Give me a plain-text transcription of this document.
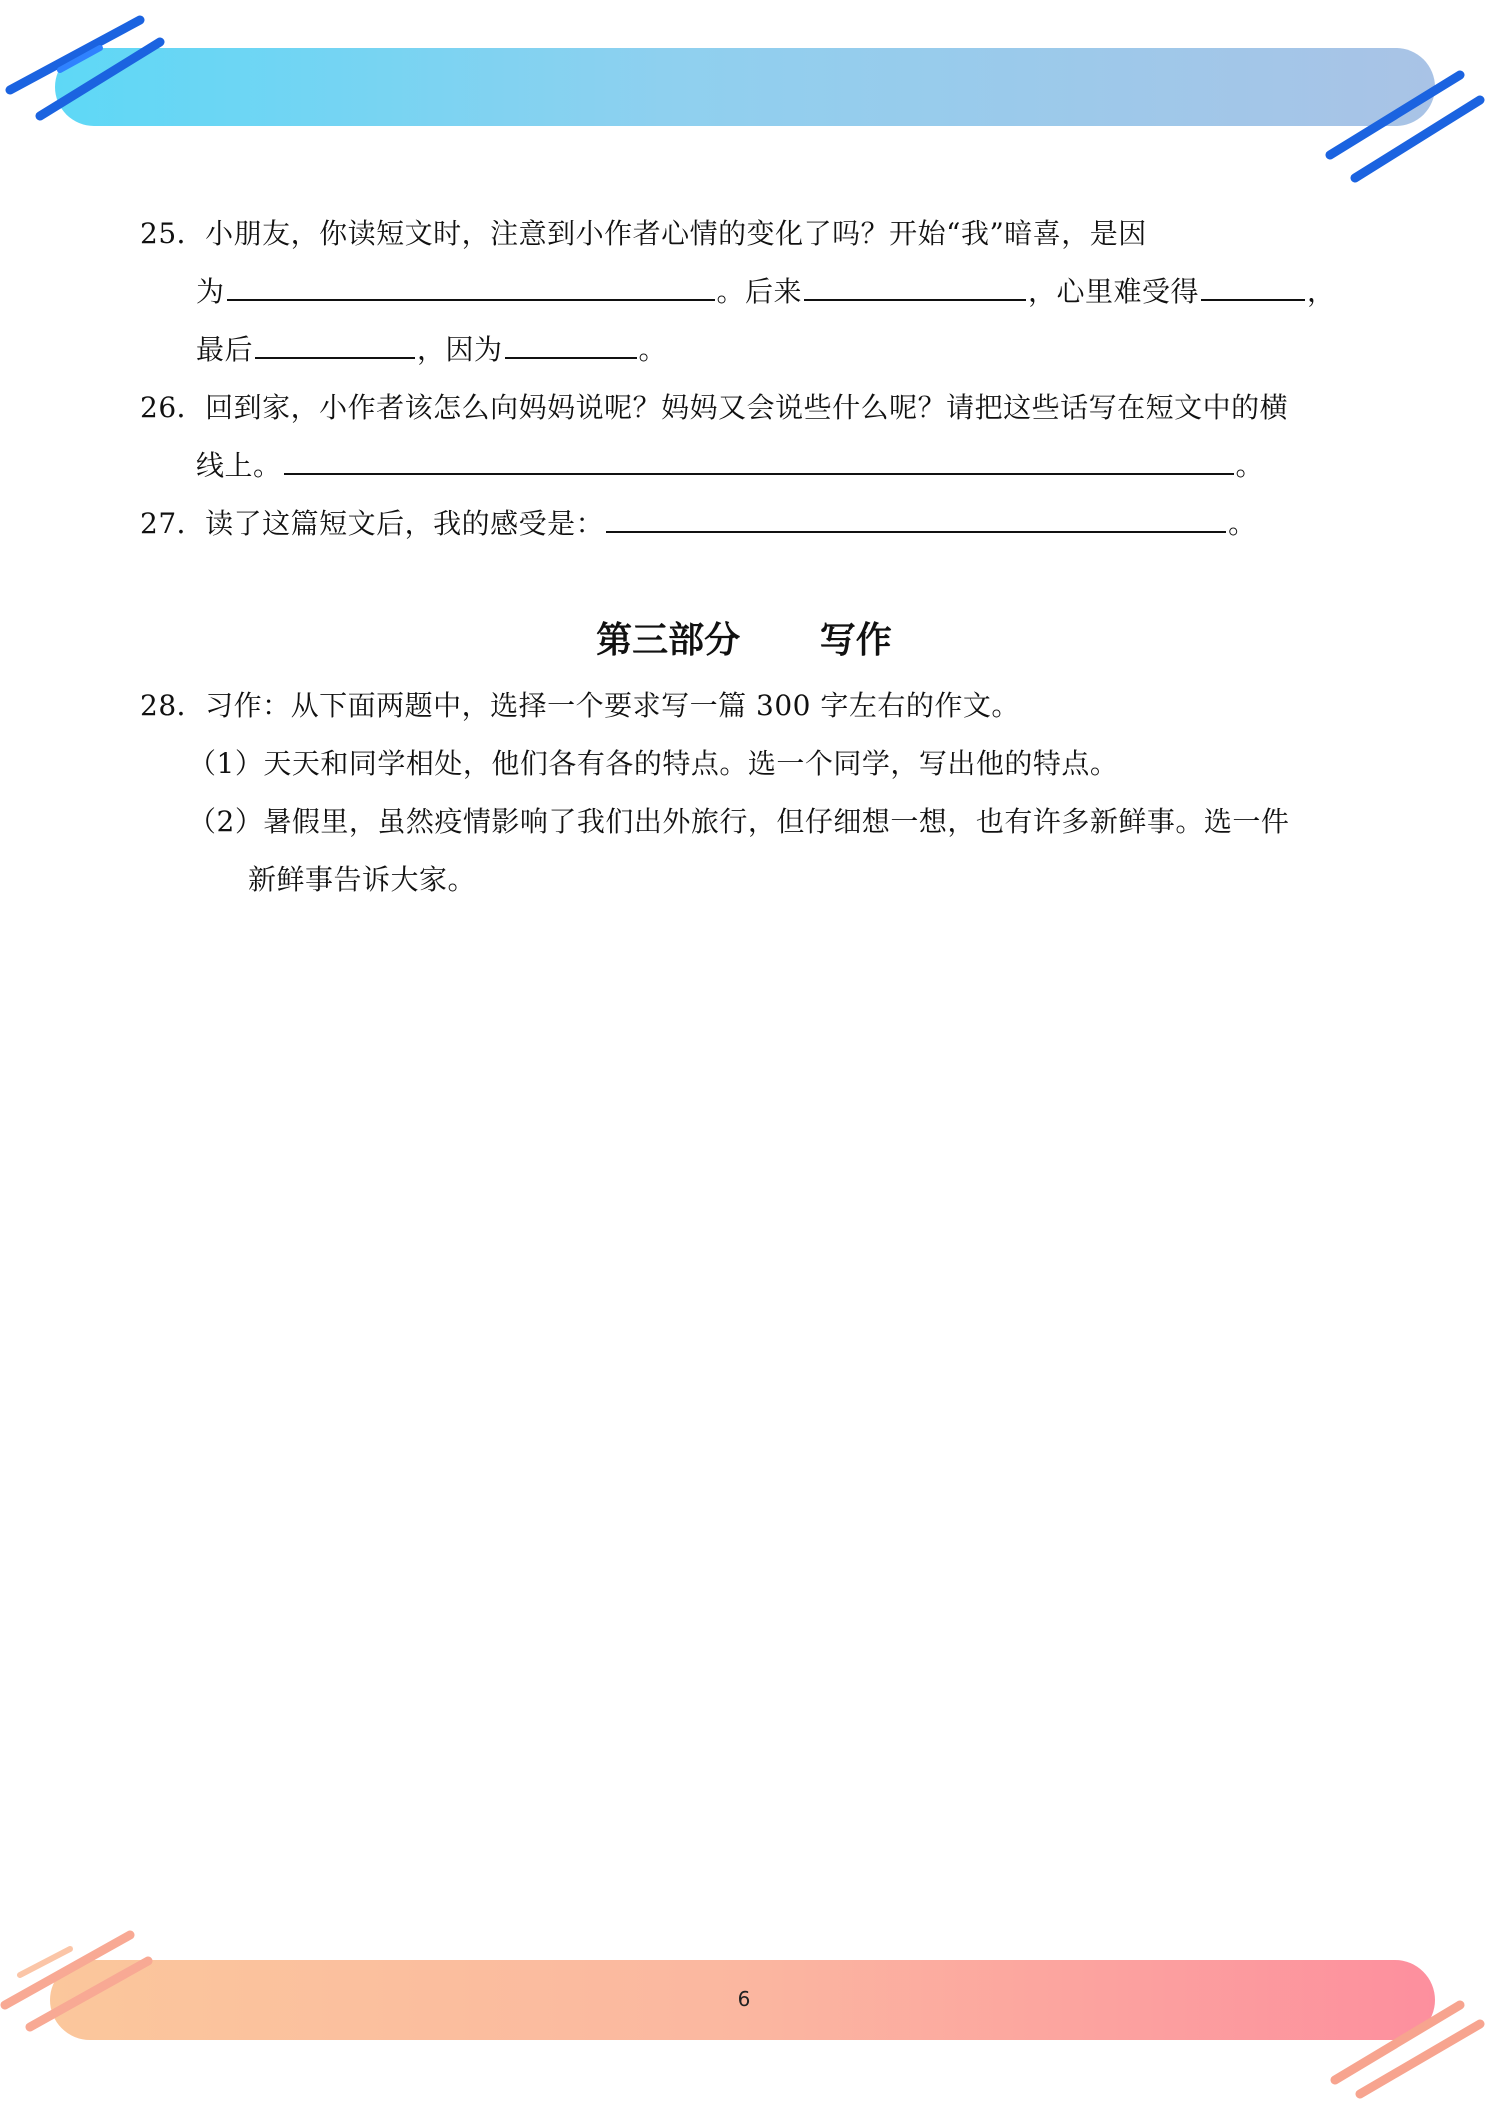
25．小朋友，你读短文时，注意到小作者心情的变化了吗？开始“我”暗喜，是因
为	。后来	，心里难受得	，
最后	，因为	。
26．回到家，小作者该怎么向妈妈说呢？妈妈又会说些什么呢？请把这些话写在短文中的横
线上。	。
27．读了这篇短文后，我的感受是：	。
第三部分 写作
28．习作：从下面两题中，选择一个要求写一篇 300 字左右的作文。
（1）天天和同学相处，他们各有各的特点。选一个同学，写出他的特点。
（2）暑假里，虽然疫情影响了我们出外旅行，但仔细想一想，也有许多新鲜事。选一件
新鲜事告诉大家。
6
